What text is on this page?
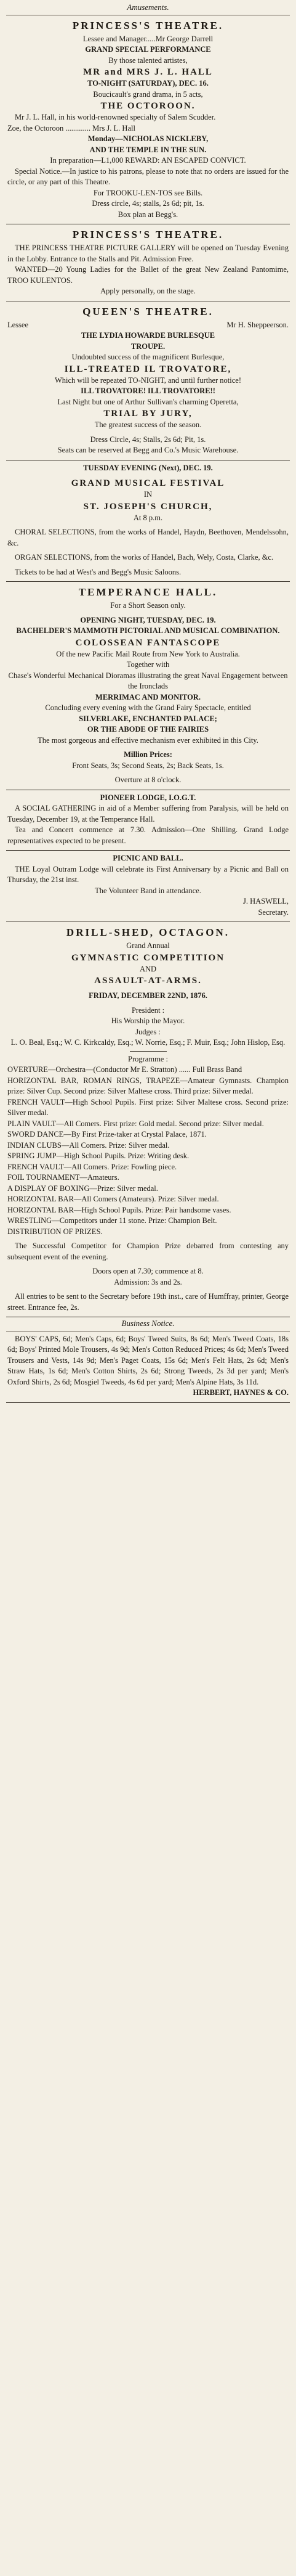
Amusements.
PRINCESS'S THEATRE.

Lessee and Manager.....Mr George Darrell

GRAND SPECIAL PERFORMANCE

By those talented artistes,

MR and MRS J. L. HALL

TO-NIGHT (SATURDAY), DEC. 16.

Boucicault's grand drama, in 5 acts,

THE OCTOROON.

Mr J. L. Hall, in his world-renowned specialty of Salem Scudder.

Zoe, the Octoroon ............. Mrs J. L. Hall

Monday—NICHOLAS NICKLEBY,

AND THE TEMPLE IN THE SUN.

In preparation—L1,000 REWARD: AN ESCAPED CONVICT.

Special Notice.—In justice to his patrons, please to note that no orders are issued for the circle, or any part of this Theatre.

For TROOKU-LEN-TOS see Bills.

Dress circle, 4s; stalls, 2s 6d; pit, 1s.

Box plan at Begg's.

PRINCESS'S THEATRE.

THE PRINCESS THEATRE PICTURE GALLERY will be opened on Tuesday Evening in the Lobby. Entrance to the Stalls and Pit. Admission Free.

WANTED—20 Young Ladies for the Ballet of the great New Zealand Pantomime, TROO KULENTOS.

Apply personally, on the stage.

QUEEN'S THEATRE.
Lessee	Mr H. Sheppeerson.

THE LYDIA HOWARDE BURLESQUE

TROUPE.

Undoubted success of the magnificent Burlesque,

ILL-TREATED IL TROVATORE,

Which will be repeated TO-NIGHT, and until further notice!

ILL TROVATORE! ILL TROVATORE!!

Last Night but one of Arthur Sullivan's charming Operetta,

TRIAL BY JURY,

The greatest success of the season.

Dress Circle, 4s; Stalls, 2s 6d; Pit, 1s.

Seats can be reserved at Begg and Co.'s Music Warehouse.

TUESDAY EVENING (Next), DEC. 19.

GRAND MUSICAL FESTIVAL

IN

ST. JOSEPH'S CHURCH,

At 8 p.m.

CHORAL SELECTIONS, from the works of Handel, Haydn, Beethoven, Mendelssohn, &c.

ORGAN SELECTIONS, from the works of Handel, Bach, Wely, Costa, Clarke, &c.

Tickets to be had at West's and Begg's Music Saloons.

TEMPERANCE HALL.

For a Short Season only.

OPENING NIGHT, TUESDAY, DEC. 19.

BACHELDER'S MAMMOTH PICTORIAL AND MUSICAL COMBINATION.

COLOSSEAN FANTASCOPE

Of the new Pacific Mail Route from New York to Australia.

Together with

Chase's Wonderful Mechanical Dioramas illustrating the great Naval Engagement between the Ironclads

MERRIMAC AND MONITOR.

Concluding every evening with the Grand Fairy Spectacle, entitled

SILVERLAKE, ENCHANTED PALACE;

OR THE ABODE OF THE FAIRIES

The most gorgeous and effective mechanism ever exhibited in this City.

Million Prices:

Front Seats, 3s; Second Seats, 2s; Back Seats, 1s.

Overture at 8 o'clock.

PIONEER LODGE, I.O.G.T.

A SOCIAL GATHERING in aid of a Member suffering from Paralysis, will be held on Tuesday, December 19, at the Temperance Hall.

Tea and Concert commence at 7.30. Admission—One Shilling. Grand Lodge representatives expected to be present.

PICNIC AND BALL.

THE Loyal Outram Lodge will celebrate its First Anniversary by a Picnic and Ball on Thursday, the 21st inst.

The Volunteer Band in attendance.

J. HASWELL,

Secretary.

DRILL-SHED, OCTAGON.

Grand Annual

GYMNASTIC COMPETITION

AND

ASSAULT-AT-ARMS.

FRIDAY, DECEMBER 22ND, 1876.

President :

His Worship the Mayor.

Judges :

L. O. Beal, Esq.; W. C. Kirkcaldy, Esq.; W. Norrie, Esq.; F. Muir, Esq.; John Hislop, Esq.

Programme :

OVERTURE—Orchestra—(Conductor Mr E. Stratton) ...... Full Brass Band

HORIZONTAL BAR, ROMAN RINGS, TRAPEZE—Amateur Gymnasts. Champion prize: Silver Cup. Second prize: Silver Maltese cross. Third prize: Silver medal.

FRENCH VAULT—High School Pupils. First prize: Silver Maltese cross. Second prize: Silver medal.

PLAIN VAULT—All Comers. First prize: Gold medal. Second prize: Silver medal.

SWORD DANCE—By First Prize-taker at Crystal Palace, 1871.

INDIAN CLUBS—All Comers. Prize: Silver medal.

SPRING JUMP—High School Pupils. Prize: Writing desk.

FRENCH VAULT—All Comers. Prize: Fowling piece.

FOIL TOURNAMENT—Amateurs.

A DISPLAY OF BOXING—Prize: Silver medal.

HORIZONTAL BAR—All Comers (Amateurs). Prize: Silver medal.

HORIZONTAL BAR—High School Pupils. Prize: Pair handsome vases.

WRESTLING—Competitors under 11 stone. Prize: Champion Belt.

DISTRIBUTION OF PRIZES.

The Successful Competitor for Champion Prize debarred from contesting any subsequent event of the evening.

Doors open at 7.30; commence at 8.

Admission: 3s and 2s.

All entries to be sent to the Secretary before 19th inst., care of Humffray, printer, George street. Entrance fee, 2s.

Business Notice.

BOYS' CAPS, 6d; Men's Caps, 6d; Boys' Tweed Suits, 8s 6d; Men's Tweed Coats, 18s 6d; Boys' Printed Mole Trousers, 4s 9d; Men's Cotton Reduced Prices; 4s 6d; Men's Tweed Trousers and Vests, 14s 9d; Men's Paget Coats, 15s 6d; Men's Felt Hats, 2s 6d; Men's Straw Hats, 1s 6d; Men's Cotton Shirts, 2s 6d; Strong Tweeds, 2s 3d per yard; Men's Oxford Shirts, 2s 6d; Mosgiel Tweeds, 4s 6d per yard; Men's Alpine Hats, 3s 11d.

HERBERT, HAYNES & CO.
